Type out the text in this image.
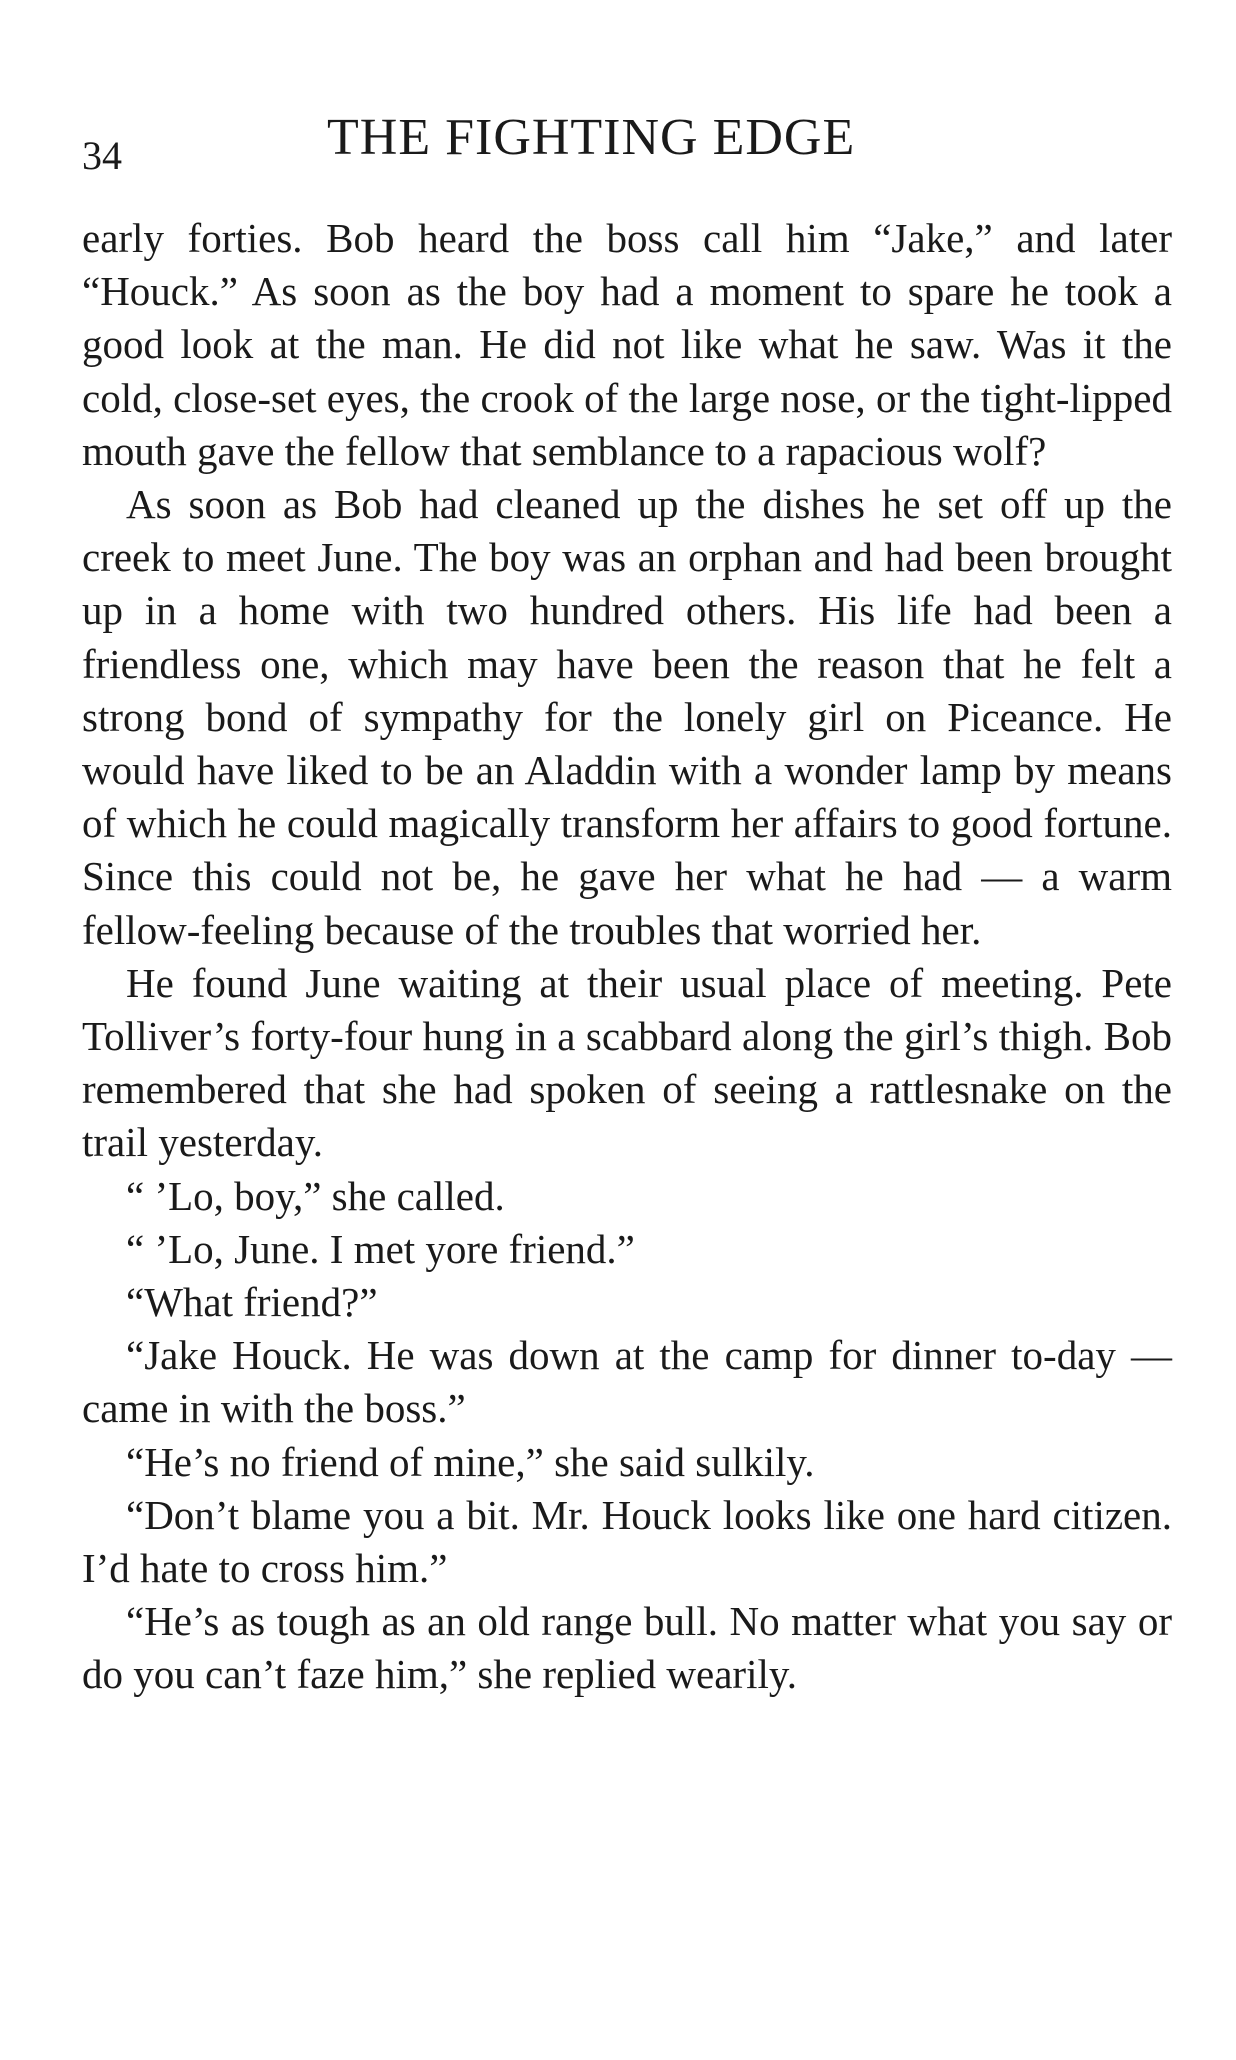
34	THE FIGHTING EDGE

early forties. Bob heard the boss call him “Jake,” and later “Houck.” As soon as the boy had a moment to spare he took a good look at the man. He did not like what he saw. Was it the cold, close-set eyes, the crook of the large nose, or the tight-lipped mouth gave the fellow that semblance to a rapacious wolf?

As soon as Bob had cleaned up the dishes he set off up the creek to meet June. The boy was an orphan and had been brought up in a home with two hundred others. His life had been a friendless one, which may have been the reason that he felt a strong bond of sympathy for the lonely girl on Piceance. He would have liked to be an Aladdin with a wonder lamp by means of which he could magically transform her affairs to good fortune. Since this could not be, he gave her what he had — a warm fellow-feeling because of the troubles that worried her.

He found June waiting at their usual place of meeting. Pete Tolliver’s forty-four hung in a scabbard along the girl’s thigh. Bob remembered that she had spoken of seeing a rattlesnake on the trail yesterday.

“ ’Lo, boy,” she called.

“ ’Lo, June. I met yore friend.”

“What friend?”

“Jake Houck. He was down at the camp for dinner to-day — came in with the boss.”

“He’s no friend of mine,” she said sulkily.

“Don’t blame you a bit. Mr. Houck looks like one hard citizen. I’d hate to cross him.”

“He’s as tough as an old range bull. No matter what you say or do you can’t faze him,” she replied wearily.
